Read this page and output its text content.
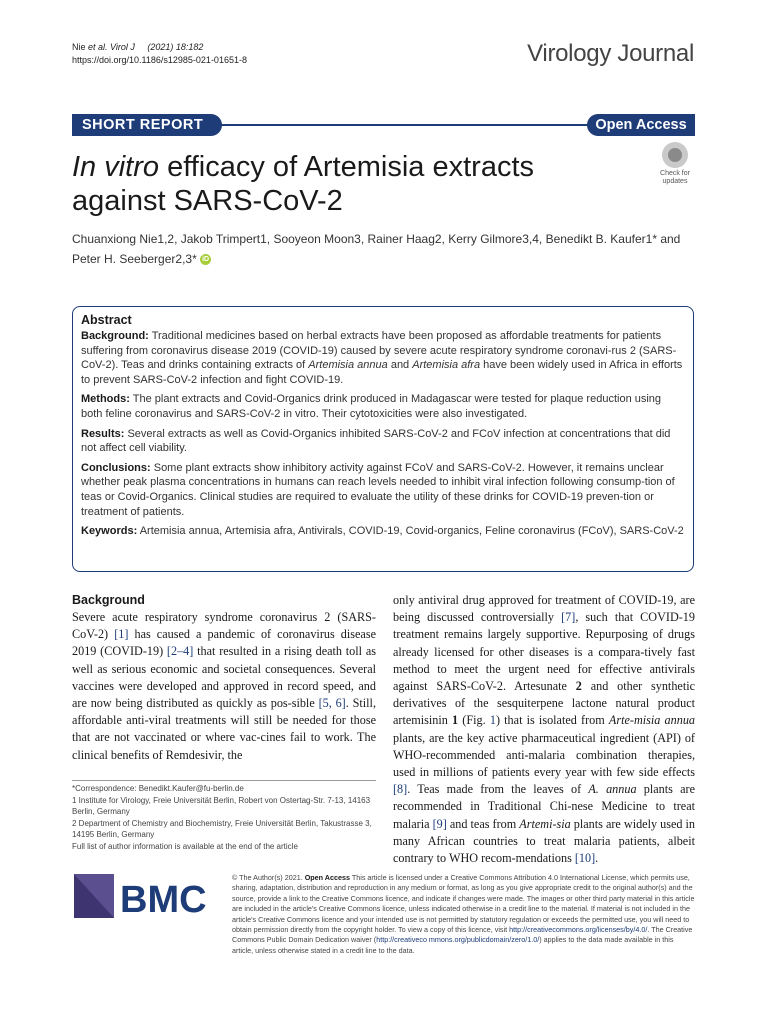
Nie et al. Virol J (2021) 18:182
https://doi.org/10.1186/s12985-021-01651-8	Virology Journal
SHORT REPORT	Open Access
In vitro efficacy of Artemisia extracts
against SARS-CoV-2
Check for
updates
Chuanxiong Nie1,2, Jakob Trimpert1, Sooyeon Moon3, Rainer Haag2, Kerry Gilmore3,4, Benedikt B. Kaufer1* and
Peter H. Seeberger2,3* iD
Abstract

Background: Traditional medicines based on herbal extracts have been proposed as affordable treatments for patients suffering from coronavirus disease 2019 (COVID-19) caused by severe acute respiratory syndrome coronavi-rus 2 (SARS-CoV-2). Teas and drinks containing extracts of Artemisia annua and Artemisia afra have been widely used in Africa in efforts to prevent SARS-CoV-2 infection and fight COVID-19.

Methods: The plant extracts and Covid-Organics drink produced in Madagascar were tested for plaque reduction using both feline coronavirus and SARS-CoV-2 in vitro. Their cytotoxicities were also investigated.

Results: Several extracts as well as Covid-Organics inhibited SARS-CoV-2 and FCoV infection at concentrations that did not affect cell viability.

Conclusions: Some plant extracts show inhibitory activity against FCoV and SARS-CoV-2. However, it remains unclear whether peak plasma concentrations in humans can reach levels needed to inhibit viral infection following consump-tion of teas or Covid-Organics. Clinical studies are required to evaluate the utility of these drinks for COVID-19 preven-tion or treatment of patients.

Keywords: Artemisia annua, Artemisia afra, Antivirals, COVID-19, Covid-organics, Feline coronavirus (FCoV), SARS-CoV-2

Background

Severe acute respiratory syndrome coronavirus 2 (SARS-CoV-2) [1] has caused a pandemic of coronavirus disease 2019 (COVID-19) [2–4] that resulted in a rising death toll as well as serious economic and societal consequences. Several vaccines were developed and approved in record speed, and are now being distributed as quickly as pos-sible [5, 6]. Still, affordable anti-viral treatments will still be needed for those that are not vaccinated or where vac-cines fail to work. The clinical benefits of Remdesivir, the

only antiviral drug approved for treatment of COVID-19, are being discussed controversially [7], such that COVID-19 treatment remains largely supportive. Repurposing of drugs already licensed for other diseases is a compara-tively fast method to meet the urgent need for effective antivirals against SARS-CoV-2. Artesunate 2 and other synthetic derivatives of the sesquiterpene lactone natural product artemisinin 1 (Fig. 1) that is isolated from Arte-misia annua plants, are the key active pharmaceutical ingredient (API) of WHO-recommended anti-malaria combination therapies, used in millions of patients every year with few side effects [8]. Teas made from the leaves of A. annua plants are recommended in Traditional Chi-nese Medicine to treat malaria [9] and teas from Artemi-sia plants are widely used in many African countries to treat malaria patients, albeit contrary to WHO recom-mendations [10].

*Correspondence: Benedikt.Kaufer@fu-berlin.de
1 Institute for Virology, Freie Universität Berlin, Robert von Ostertag-Str. 7-13, 14163 Berlin, Germany
2 Department of Chemistry and Biochemistry, Freie Universität Berlin, Takustrasse 3, 14195 Berlin, Germany
Full list of author information is available at the end of the article
BMC
© The Author(s) 2021. Open Access This article is licensed under a Creative Commons Attribution 4.0 International License, which permits use, sharing, adaptation, distribution and reproduction in any medium or format, as long as you give appropriate credit to the original author(s) and the source, provide a link to the Creative Commons licence, and indicate if changes were made. The images or other third party material in this article are included in the article's Creative Commons licence, unless indicated otherwise in a credit line to the material. If material is not included in the article's Creative Commons licence and your intended use is not permitted by statutory regulation or exceeds the permitted use, you will need to obtain permission directly from the copyright holder. To view a copy of this licence, visit http://creativecommons.org/licenses/by/4.0/. The Creative Commons Public Domain Dedication waiver (http://creativeco mmons.org/publicdomain/zero/1.0/) applies to the data made available in this article, unless otherwise stated in a credit line to the data.
